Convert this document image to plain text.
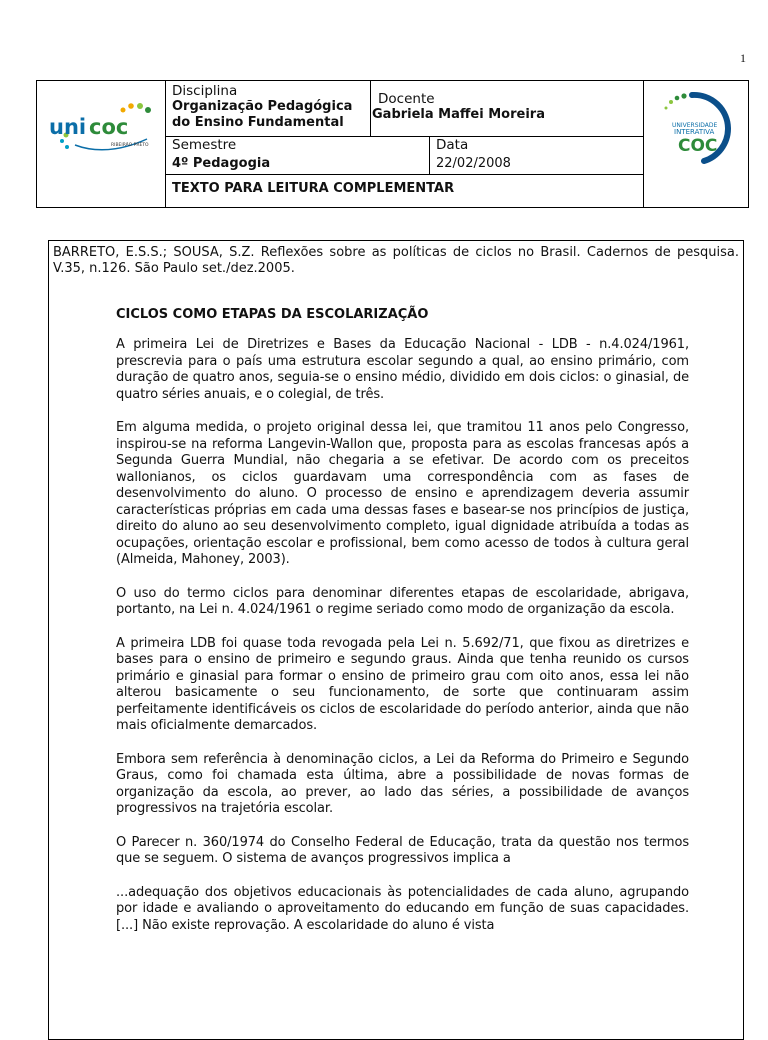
1
uni coc
RIBEIRÃO PRETO
Disciplina
Organização Pedagógica
do Ensino Fundamental
Docente
Gabriela Maffei Moreira
Semestre
4º Pedagogia
Data
22/02/2008
TEXTO PARA LEITURA COMPLEMENTAR
UNIVERSIDADE
INTERATIVA
COC
BARRETO, E.S.S.; SOUSA, S.Z. Reflexões sobre as políticas de ciclos no Brasil. Cadernos de pesquisa. V.35, n.126. São Paulo set./dez.2005.
CICLOS COMO ETAPAS DA ESCOLARIZAÇÃO

A primeira Lei de Diretrizes e Bases da Educação Nacional - LDB - n.4.024/1961, prescrevia para o país uma estrutura escolar segundo a qual, ao ensino primário, com duração de quatro anos, seguia-se o ensino médio, dividido em dois ciclos: o ginasial, de quatro séries anuais, e o colegial, de três.

Em alguma medida, o projeto original dessa lei, que tramitou 11 anos pelo Congresso, inspirou-se na reforma Langevin-Wallon que, proposta para as escolas francesas após a Segunda Guerra Mundial, não chegaria a se efetivar. De acordo com os preceitos wallonianos, os ciclos guardavam uma correspondência com as fases de desenvolvimento do aluno. O processo de ensino e aprendizagem deveria assumir características próprias em cada uma dessas fases e basear-se nos princípios de justiça, direito do aluno ao seu desenvolvimento completo, igual dignidade atribuída a todas as ocupações, orientação escolar e profissional, bem como acesso de todos à cultura geral (Almeida, Mahoney, 2003).

O uso do termo ciclos para denominar diferentes etapas de escolaridade, abrigava, portanto, na Lei n. 4.024/1961 o regime seriado como modo de organização da escola.

A primeira LDB foi quase toda revogada pela Lei n. 5.692/71, que fixou as diretrizes e bases para o ensino de primeiro e segundo graus. Ainda que tenha reunido os cursos primário e ginasial para formar o ensino de primeiro grau com oito anos, essa lei não alterou basicamente o seu funcionamento, de sorte que continuaram assim perfeitamente identificáveis os ciclos de escolaridade do período anterior, ainda que não mais oficialmente demarcados.

Embora sem referência à denominação ciclos, a Lei da Reforma do Primeiro e Segundo Graus, como foi chamada esta última, abre a possibilidade de novas formas de organização da escola, ao prever, ao lado das séries, a possibilidade de avanços progressivos na trajetória escolar.

O Parecer n. 360/1974 do Conselho Federal de Educação, trata da questão nos termos que se seguem. O sistema de avanços progressivos implica a

...adequação dos objetivos educacionais às potencialidades de cada aluno, agrupando por idade e avaliando o aproveitamento do educando em função de suas capacidades. [...] Não existe reprovação. A escolaridade do aluno é vista
